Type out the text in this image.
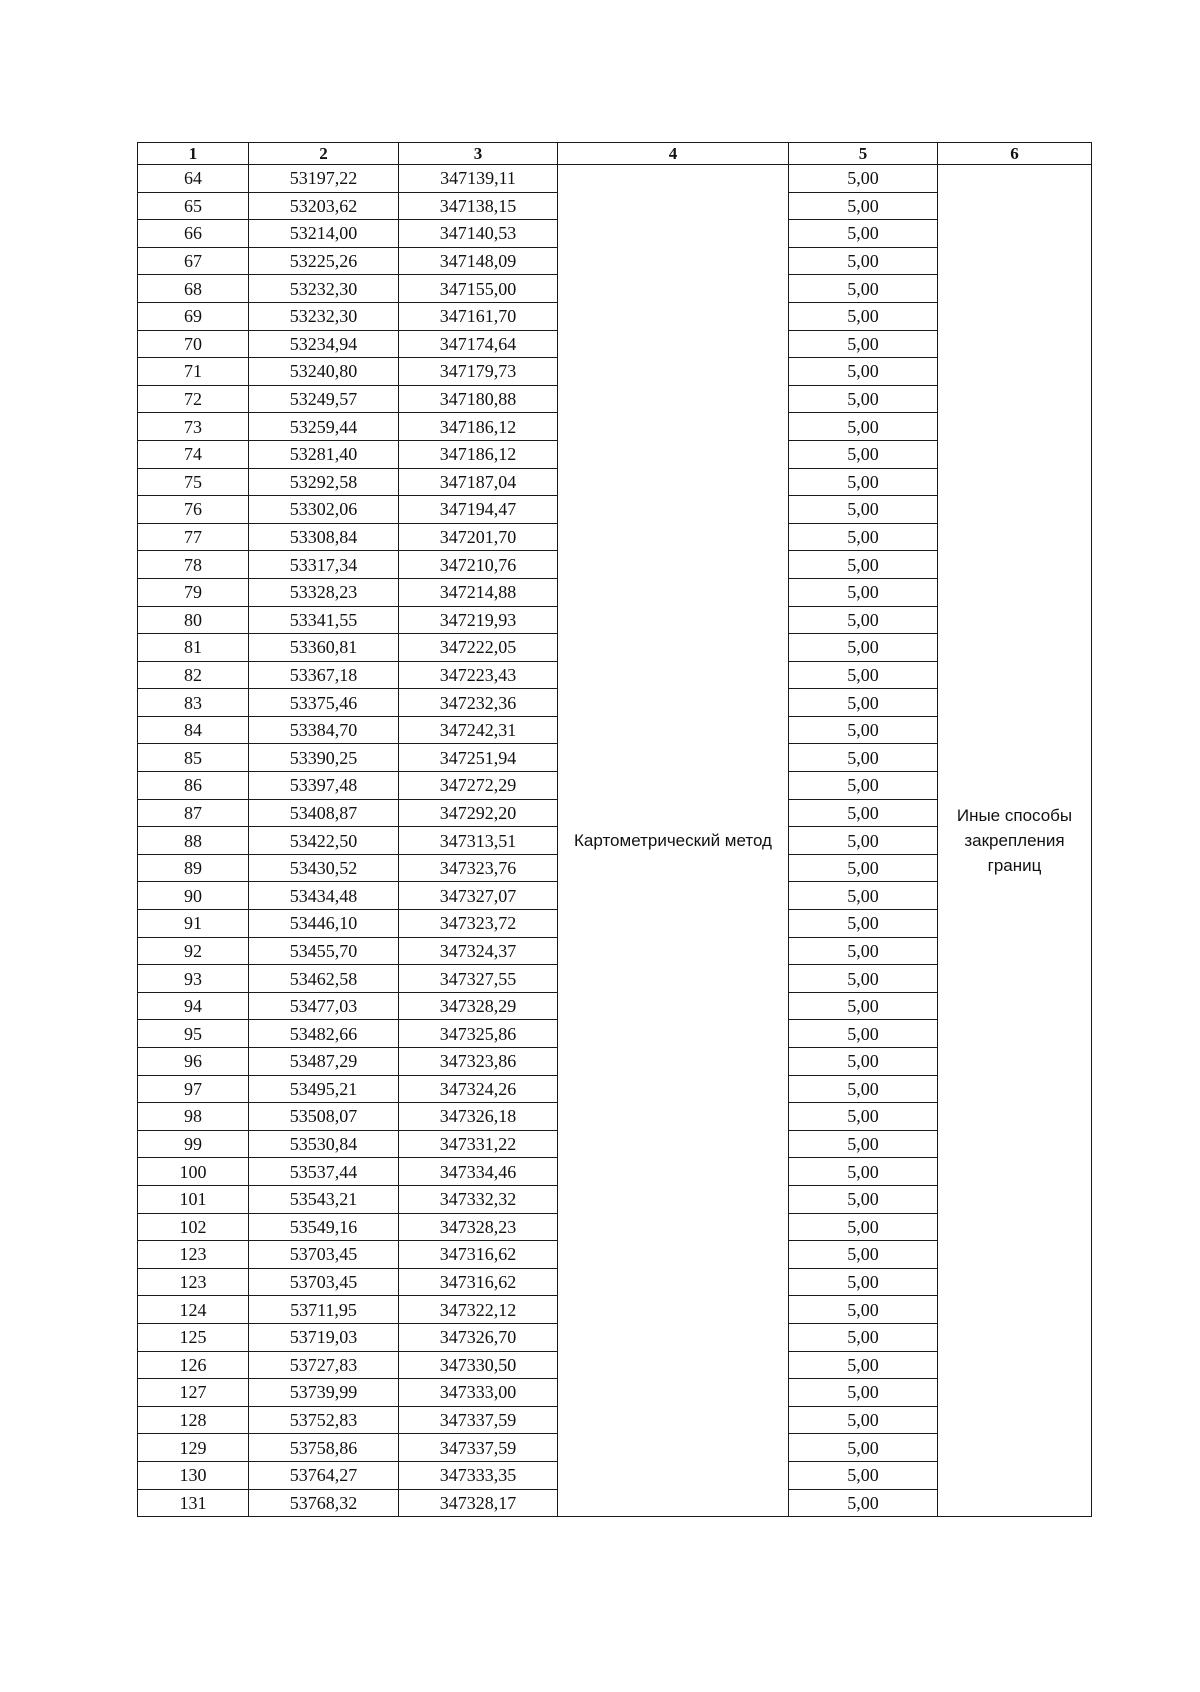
1	2	3	4	5	6
64	53197,22	347139,11	Картометрический метод	5,00	Иные способы закрепления границ
65	53203,62	347138,15		5,00	
66	53214,00	347140,53		5,00	
67	53225,26	347148,09		5,00	
68	53232,30	347155,00		5,00	
69	53232,30	347161,70		5,00	
70	53234,94	347174,64		5,00	
71	53240,80	347179,73		5,00	
72	53249,57	347180,88		5,00	
73	53259,44	347186,12		5,00	
74	53281,40	347186,12		5,00	
75	53292,58	347187,04		5,00	
76	53302,06	347194,47		5,00	
77	53308,84	347201,70		5,00	
78	53317,34	347210,76		5,00	
79	53328,23	347214,88		5,00	
80	53341,55	347219,93		5,00	
81	53360,81	347222,05		5,00	
82	53367,18	347223,43		5,00	
83	53375,46	347232,36		5,00	
84	53384,70	347242,31		5,00	
85	53390,25	347251,94		5,00	
86	53397,48	347272,29		5,00	
87	53408,87	347292,20		5,00	
88	53422,50	347313,51		5,00	
89	53430,52	347323,76		5,00	
90	53434,48	347327,07		5,00	
91	53446,10	347323,72		5,00	
92	53455,70	347324,37		5,00	
93	53462,58	347327,55		5,00	
94	53477,03	347328,29		5,00	
95	53482,66	347325,86		5,00	
96	53487,29	347323,86		5,00	
97	53495,21	347324,26		5,00	
98	53508,07	347326,18		5,00	
99	53530,84	347331,22		5,00	
100	53537,44	347334,46		5,00	
101	53543,21	347332,32		5,00	
102	53549,16	347328,23		5,00	
123	53703,45	347316,62		5,00	
123	53703,45	347316,62		5,00	
124	53711,95	347322,12		5,00	
125	53719,03	347326,70		5,00	
126	53727,83	347330,50		5,00	
127	53739,99	347333,00		5,00	
128	53752,83	347337,59		5,00	
129	53758,86	347337,59		5,00	
130	53764,27	347333,35		5,00	
131	53768,32	347328,17		5,00	
